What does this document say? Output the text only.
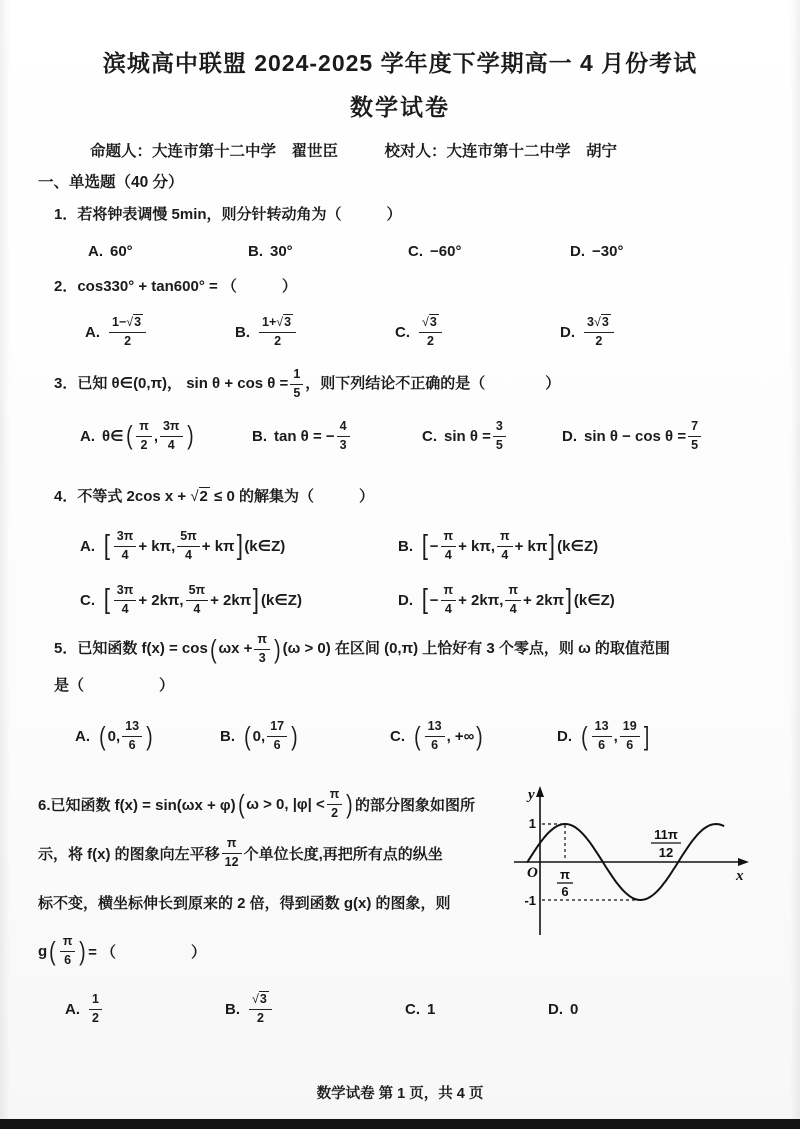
滨城高中联盟 2024-2025 学年度下学期高一 4 月份考试
数学试卷
命题人：大连市第十二中学　翟世臣　　　校对人：大连市第十二中学　胡宁
一、单选题（40 分）
1．若将钟表调慢 5min，则分针转动角为（　　　）
A. 60°	B. 30°	C. −60°	D. −30°
2．cos330° + tan600° = （　　　）
A. $\frac{1-√3}{2}$	B. $\frac{1+√3}{2}$	C. $\frac{√3}{2}$	D. $\frac{3√3}{2}$
3．已知 θ∈(0,π)， $\sin \theta + \cos \theta = \frac{1}{5}$ ，则下列结论不正确的是（　　　　）
A. θ∈ ( $\frac{\pi}{2}$ , $\frac{3\pi}{4}$ )	B. tan θ = − $\frac{4}{3}$	C. $\sin \theta = \frac{3}{5}$	D. $\sin \theta - \cos \theta = \frac{7}{5}$
4．不等式 2cos x + √2 ≤ 0 的解集为（　　　）
A. [ $\frac{3\pi}{4} + k\pi$, $\frac{5\pi}{4} + k\pi$ ] (k∈Z)	B. [ − $\frac{\pi}{4} + k\pi$, $\frac{\pi}{4} + k\pi$ ] (k∈Z)
C. [ $\frac{3\pi}{4} + 2k\pi$, $\frac{5\pi}{4} + 2k\pi$ ] (k∈Z)	D. [ − $\frac{\pi}{4} + 2k\pi$, $\frac{\pi}{4} + 2k\pi$ ] (k∈Z)
5．已知函数 f(x) = cos ( $\omega x + \frac{\pi}{3}$ ) (ω > 0) 在区间 (0,π) 上恰好有 3 个零点，则 ω 的取值范围
是（　　　　　）
A. ( 0, $\frac{13}{6}$ )	B. ( 0, $\frac{17}{6}$ )	C. ( $\frac{13}{6}$ , +∞ )	D. ( $\frac{13}{6}$ , $\frac{19}{6}$ ]
6.已知函数 f(x) = sin(ωx + φ) ( ω > 0, $|\varphi| < \frac{\pi}{2}$ ) 的部分图象如图所
示，将 f(x) 的图象向左平移 $\frac{\pi}{12}$ 个单位长度,再把所有点的纵坐
标不变，横坐标伸长到原来的 2 倍，得到函数 g(x) 的图象，则
g ( $\frac{\pi}{6}$ ) = （　　　　　）
y
x
O
1
-1
π
6
11π
12
A. $\frac{1}{2}$	B. $\frac{√3}{2}$	C. 1	D. 0
数学试卷 第 1 页，共 4 页
